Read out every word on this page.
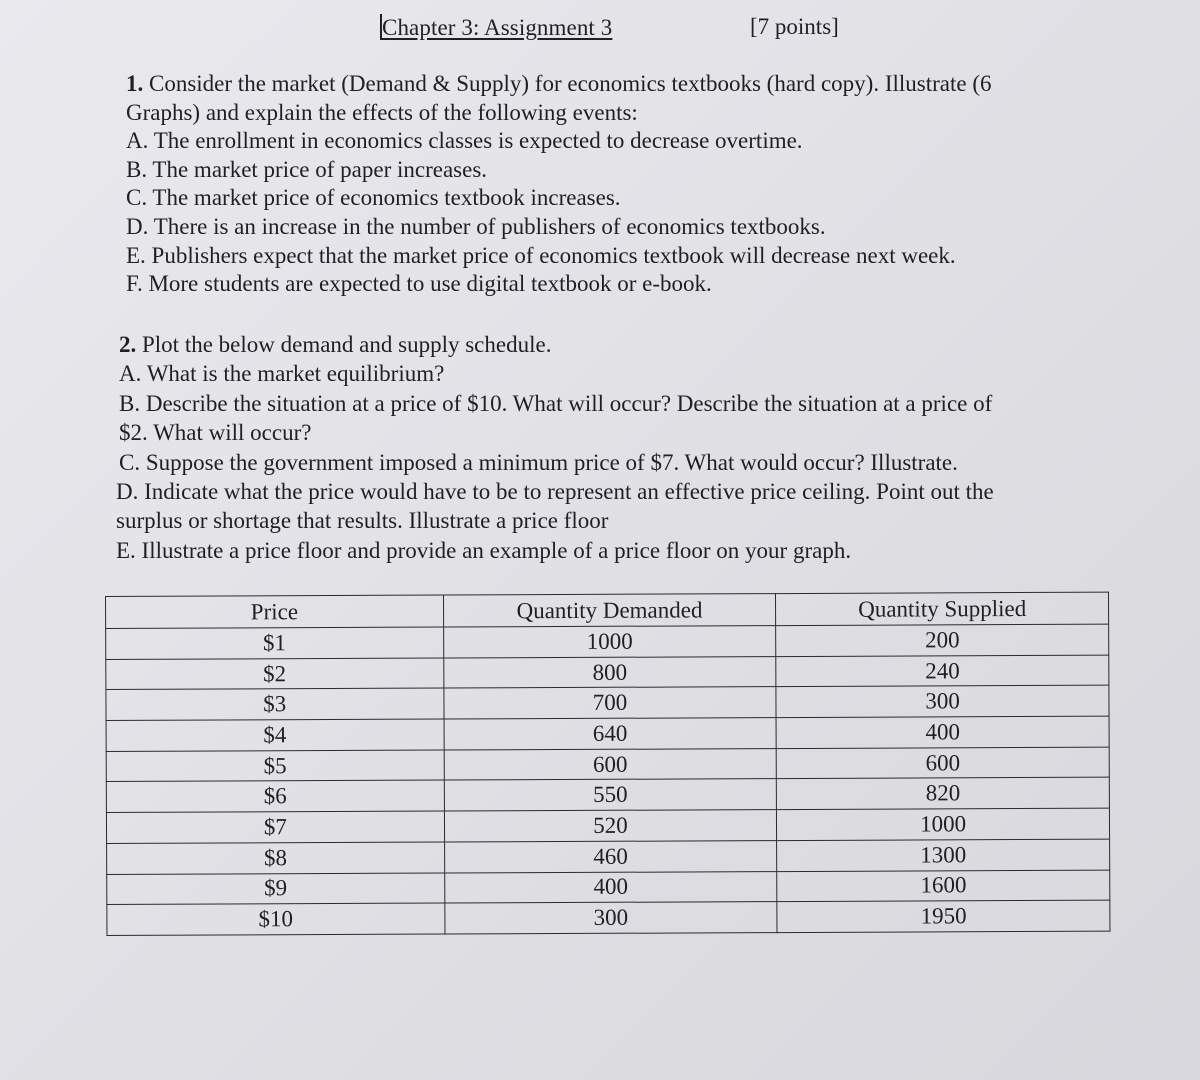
Chapter 3: Assignment 3	[7 points]
1. Consider the market (Demand & Supply) for economics textbooks (hard copy). Illustrate (6
Graphs) and explain the effects of the following events:
A. The enrollment in economics classes is expected to decrease overtime.
B. The market price of paper increases.
C. The market price of economics textbook increases.
D. There is an increase in the number of publishers of economics textbooks.
E. Publishers expect that the market price of economics textbook will decrease next week.
F. More students are expected to use digital textbook or e-book.
2. Plot the below demand and supply schedule.
A. What is the market equilibrium?
B. Describe the situation at a price of $10. What will occur? Describe the situation at a price of
$2. What will occur?
C. Suppose the government imposed a minimum price of $7. What would occur? Illustrate.
D. Indicate what the price would have to be to represent an effective price ceiling. Point out the
surplus or shortage that results. Illustrate a price floor
E. Illustrate a price floor and provide an example of a price floor on your graph.
Price	Quantity Demanded	Quantity Supplied
$1	1000	200
$2	800	240
$3	700	300
$4	640	400
$5	600	600
$6	550	820
$7	520	1000
$8	460	1300
$9	400	1600
$10	300	1950
